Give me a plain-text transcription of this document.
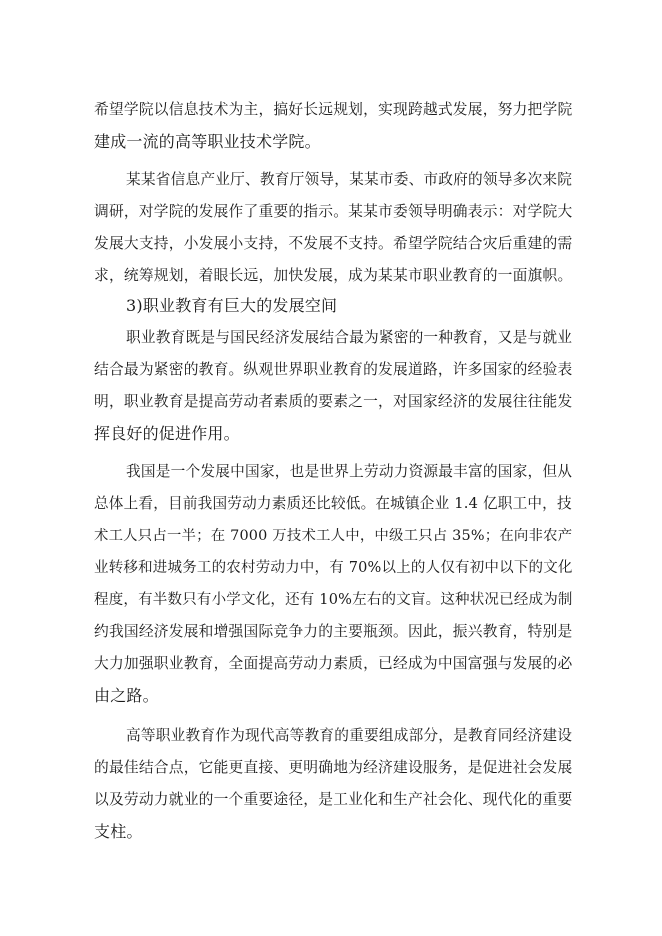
希望学院以信息技术为主，搞好长远规划，实现跨越式发展，努力把学院
建成一流的高等职业技术学院。
某某省信息产业厅、教育厅领导，某某市委、市政府的领导多次来院
调研，对学院的发展作了重要的指示。某某市委领导明确表示：对学院大
发展大支持，小发展小支持，不发展不支持。希望学院结合灾后重建的需
求，统筹规划，着眼长远，加快发展，成为某某市职业教育的一面旗帜。
3)职业教育有巨大的发展空间
职业教育既是与国民经济发展结合最为紧密的一种教育，又是与就业
结合最为紧密的教育。纵观世界职业教育的发展道路，许多国家的经验表
明，职业教育是提高劳动者素质的要素之一，对国家经济的发展往往能发
挥良好的促进作用。
我国是一个发展中国家，也是世界上劳动力资源最丰富的国家，但从
总体上看，目前我国劳动力素质还比较低。在城镇企业 1.4 亿职工中，技
术工人只占一半；在 7000 万技术工人中，中级工只占 35%；在向非农产
业转移和进城务工的农村劳动力中，有 70%以上的人仅有初中以下的文化
程度，有半数只有小学文化，还有 10%左右的文盲。这种状况已经成为制
约我国经济发展和增强国际竞争力的主要瓶颈。因此，振兴教育，特别是
大力加强职业教育，全面提高劳动力素质，已经成为中国富强与发展的必
由之路。
高等职业教育作为现代高等教育的重要组成部分，是教育同经济建设
的最佳结合点，它能更直接、更明确地为经济建设服务，是促进社会发展
以及劳动力就业的一个重要途径，是工业化和生产社会化、现代化的重要
支柱。
